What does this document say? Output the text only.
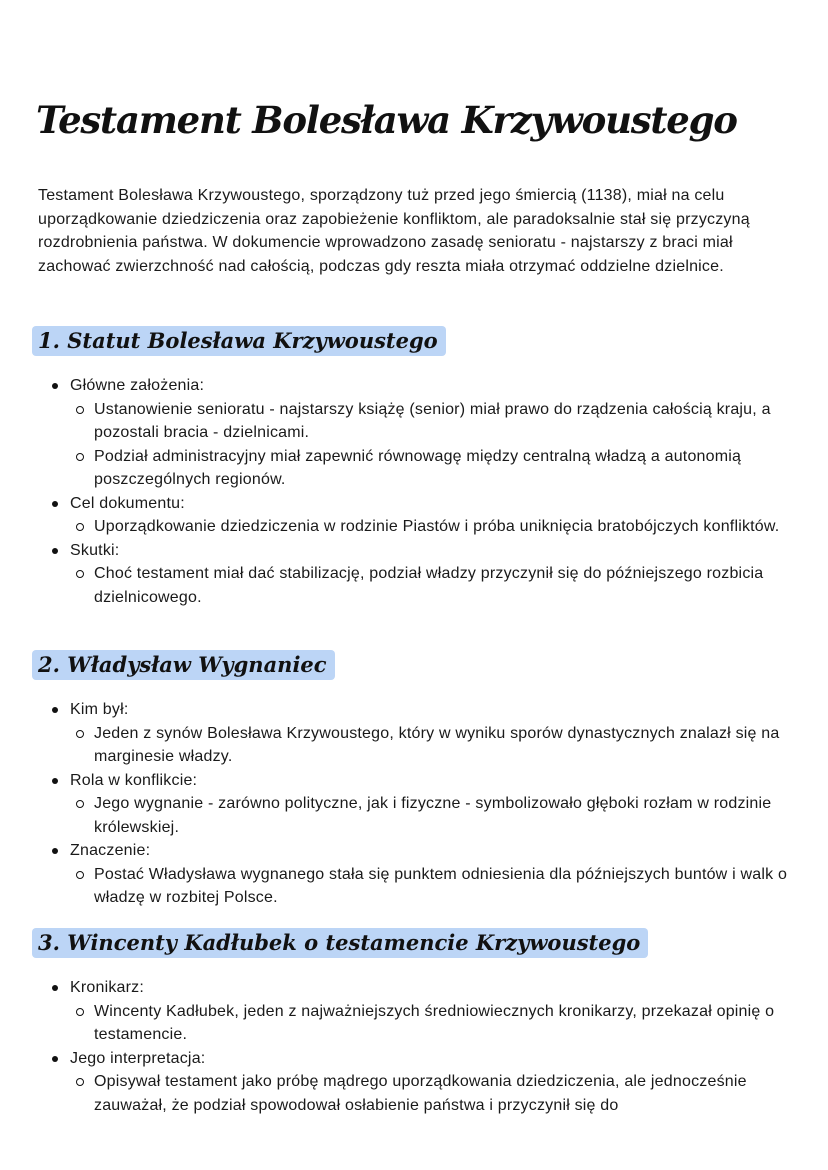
Testament Bolesława Krzywoustego

Testament Bolesława Krzywoustego, sporządzony tuż przed jego śmiercią (1138), miał na celu uporządkowanie dziedziczenia oraz zapobieżenie konfliktom, ale paradoksalnie stał się przyczyną rozdrobnienia państwa. W dokumencie wprowadzono zasadę senioratu - najstarszy z braci miał zachować zwierzchność nad całością, podczas gdy reszta miała otrzymać oddzielne dzielnice.

1. Statut Bolesława Krzywoustego
Główne założenia:
Ustanowienie senioratu - najstarszy książę (senior) miał prawo do rządzenia całością kraju, a pozostali bracia - dzielnicami.
Podział administracyjny miał zapewnić równowagę między centralną władzą a autonomią poszczególnych regionów.
Cel dokumentu:
Uporządkowanie dziedziczenia w rodzinie Piastów i próba uniknięcia bratobójczych konfliktów.
Skutki:
Choć testament miał dać stabilizację, podział władzy przyczynił się do późniejszego rozbicia dzielnicowego.
2. Władysław Wygnaniec
Kim był:
Jeden z synów Bolesława Krzywoustego, który w wyniku sporów dynastycznych znalazł się na marginesie władzy.
Rola w konflikcie:
Jego wygnanie - zarówno polityczne, jak i fizyczne - symbolizowało głęboki rozłam w rodzinie królewskiej.
Znaczenie:
Postać Władysława wygnanego stała się punktem odniesienia dla późniejszych buntów i walk o władzę w rozbitej Polsce.
3. Wincenty Kadłubek o testamencie Krzywoustego
Kronikarz:
Wincenty Kadłubek, jeden z najważniejszych średniowiecznych kronikarzy, przekazał opinię o testamencie.
Jego interpretacja:
Opisywał testament jako próbę mądrego uporządkowania dziedziczenia, ale jednocześnie zauważał, że podział spowodował osłabienie państwa i przyczynił się do
